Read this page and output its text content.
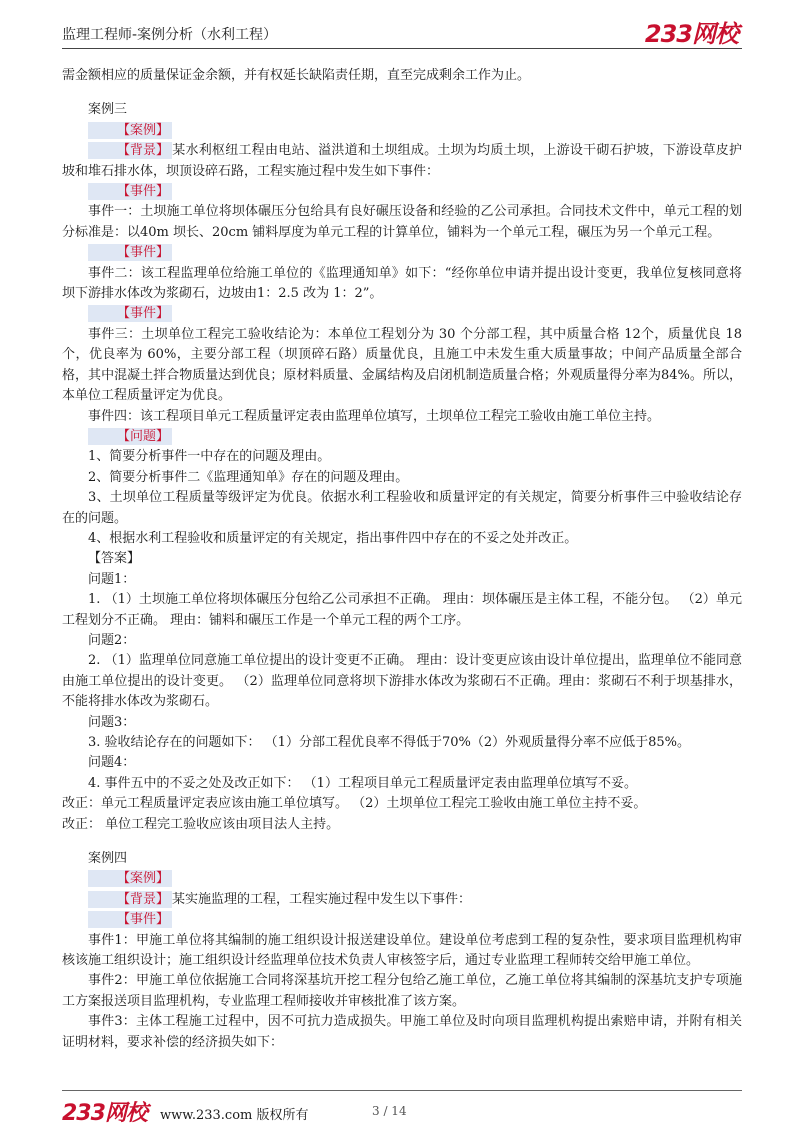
监理工程师-案例分析（水利工程）	233网校

需金额相应的质量保证金余额，并有权延长缺陷责任期，直至完成剩余工作为止。

案例三

【案例】

【背景】 某水利枢纽工程由电站、溢洪道和土坝组成。土坝为均质土坝，上游设干砌石护坡，下游设草皮护坡和堆石排水体，坝顶设碎石路，工程实施过程中发生如下事件：

【事件】

事件一：土坝施工单位将坝体碾压分包给具有良好碾压设备和经验的乙公司承担。合同技术文件中，单元工程的划分标准是：以40m 坝长、20cm 铺料厚度为单元工程的计算单位，铺料为一个单元工程，碾压为另一个单元工程。

【事件】

事件二：该工程监理单位给施工单位的《监理通知单》如下：“经你单位申请并提出设计变更，我单位复核同意将坝下游排水体改为浆砌石，边坡由1：2.5 改为 1：2”。

【事件】

事件三：土坝单位工程完工验收结论为：本单位工程划分为 30 个分部工程，其中质量合格 12个，质量优良 18 个，优良率为 60%，主要分部工程（坝顶碎石路）质量优良，且施工中未发生重大质量事故；中间产品质量全部合格，其中混凝土拌合物质量达到优良；原材料质量、金属结构及启闭机制造质量合格；外观质量得分率为84%。所以，本单位工程质量评定为优良。

事件四：该工程项目单元工程质量评定表由监理单位填写，土坝单位工程完工验收由施工单位主持。

【问题】

1、简要分析事件一中存在的问题及理由。

2、简要分析事件二《监理通知单》存在的问题及理由。

3、土坝单位工程质量等级评定为优良。依据水利工程验收和质量评定的有关规定，简要分析事件三中验收结论存在的问题。

4、根据水利工程验收和质量评定的有关规定，指出事件四中存在的不妥之处并改正。

【答案】

问题1：

1. （1）土坝施工单位将坝体碾压分包给乙公司承担不正确。 理由：坝体碾压是主体工程，不能分包。 （2）单元工程划分不正确。 理由：铺料和碾压工作是一个单元工程的两个工序。

问题2：

2. （1）监理单位同意施工单位提出的设计变更不正确。 理由：设计变更应该由设计单位提出，监理单位不能同意由施工单位提出的设计变更。 （2）监理单位同意将坝下游排水体改为浆砌石不正确。理由：浆砌石不利于坝基排水，不能将排水体改为浆砌石。

问题3：

3. 验收结论存在的问题如下： （1）分部工程优良率不得低于70%（2）外观质量得分率不应低于85%。

问题4：

4. 事件五中的不妥之处及改正如下： （1）工程项目单元工程质量评定表由监理单位填写不妥。

改正：单元工程质量评定表应该由施工单位填写。 （2）土坝单位工程完工验收由施工单位主持不妥。

改正： 单位工程完工验收应该由项目法人主持。

案例四

【案例】

【背景】 某实施监理的工程，工程实施过程中发生以下事件：

【事件】

事件1：甲施工单位将其编制的施工组织设计报送建设单位。建设单位考虑到工程的复杂性，要求项目监理机构审核该施工组织设计；施工组织设计经监理单位技术负责人审核签字后，通过专业监理工程师转交给甲施工单位。

事件2：甲施工单位依据施工合同将深基坑开挖工程分包给乙施工单位，乙施工单位将其编制的深基坑支护专项施工方案报送项目监理机构，专业监理工程师接收并审核批准了该方案。

事件3：主体工程施工过程中，因不可抗力造成损失。甲施工单位及时向项目监理机构提出索赔申请，并附有相关证明材料，要求补偿的经济损失如下：

233网校 www.233.com 版权所有	3 / 14
